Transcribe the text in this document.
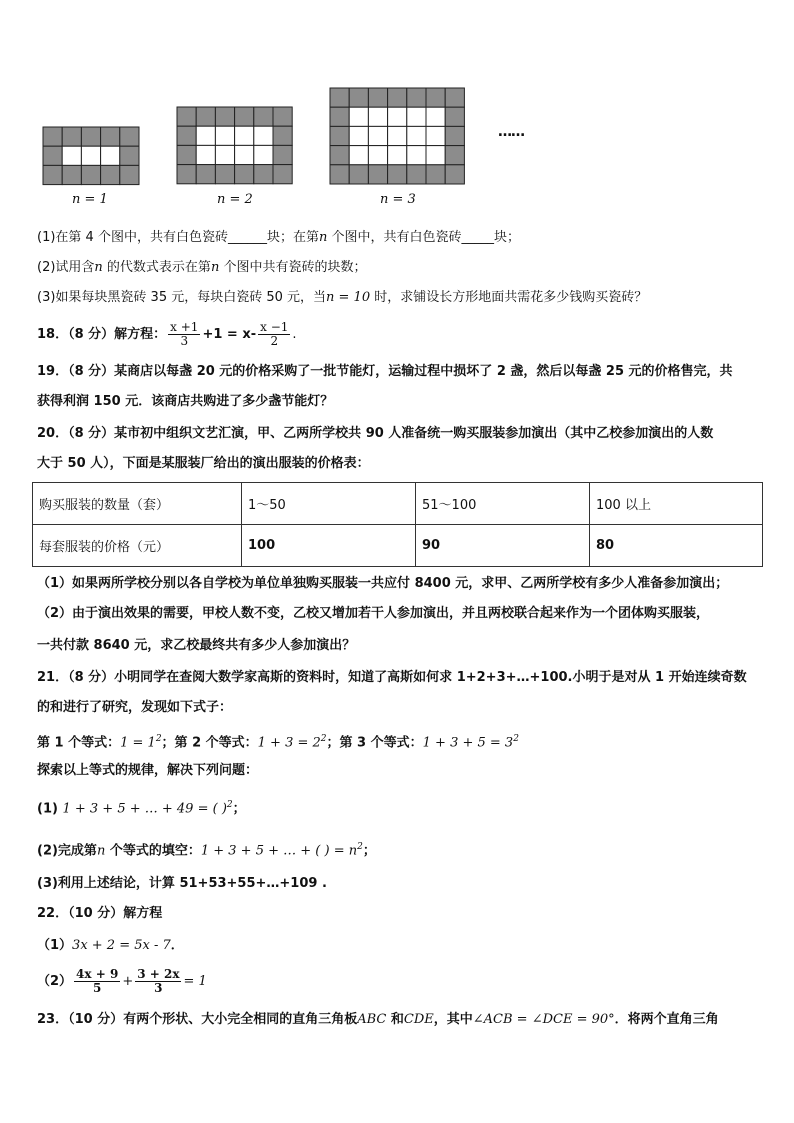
n = 1	n = 2	n = 3
……
(1)在第 4 个图中，共有白色瓷砖______块；在第n 个图中，共有白色瓷砖_____块；
(2)试用含n 的代数式表示在第n 个图中共有瓷砖的块数；
(3)如果每块黑瓷砖 35 元，每块白瓷砖 50 元，当n = 10 时，求铺设长方形地面共需花多少钱购买瓷砖？
18．（8 分）解方程： $\frac{x +1}{3} +1 = x- \frac{x -1}{2}$ .
19．（8 分）某商店以每盏 20 元的价格采购了一批节能灯，运输过程中损坏了 2 盏，然后以每盏 25 元的价格售完，共
获得利润 150 元．该商店共购进了多少盏节能灯？
20．（8 分）某市初中组织文艺汇演，甲、乙两所学校共 90 人准备统一购买服装参加演出（其中乙校参加演出的人数
大于 50 人），下面是某服装厂给出的演出服装的价格表：
购买服装的数量（套）	1～50	51～100	100 以上
每套服装的价格（元）	100	90	80
（1）如果两所学校分别以各自学校为单位单独购买服装一共应付 8400 元，求甲、乙两所学校有多少人准备参加演出；
（2）由于演出效果的需要，甲校人数不变，乙校又增加若干人参加演出，并且两校联合起来作为一个团体购买服装，
一共付款 8640 元，求乙校最终共有多少人参加演出？
21．（8 分）小明同学在查阅大数学家高斯的资料时，知道了高斯如何求 1+2+3+…+100.小明于是对从 1 开始连续奇数
的和进行了研究，发现如下式子：
第 1 个等式：$1 = 1^2$；第 2 个等式：$1 + 3 = 2^2$；第 3 个等式：$1 + 3 + 5 = 3^2$
探索以上等式的规律，解决下列问题：
(1) 1 + 3 + 5 + … + 49 = ( )$^2$；
(2)完成第n 个等式的填空：1 + 3 + 5 + … + ( ) = $n^2$；
(3)利用上述结论，计算 51+53+55+…+109 .
22．（10 分）解方程
（1）3x + 2 = 5x - 7．
$(2) \frac{4x + 9}{5} + \frac{3 + 2x}{3} = 1$
23．（10 分）有两个形状、大小完全相同的直角三角板ABC 和CDE，其中∠ACB = ∠DCE = 90°．将两个直角三角
